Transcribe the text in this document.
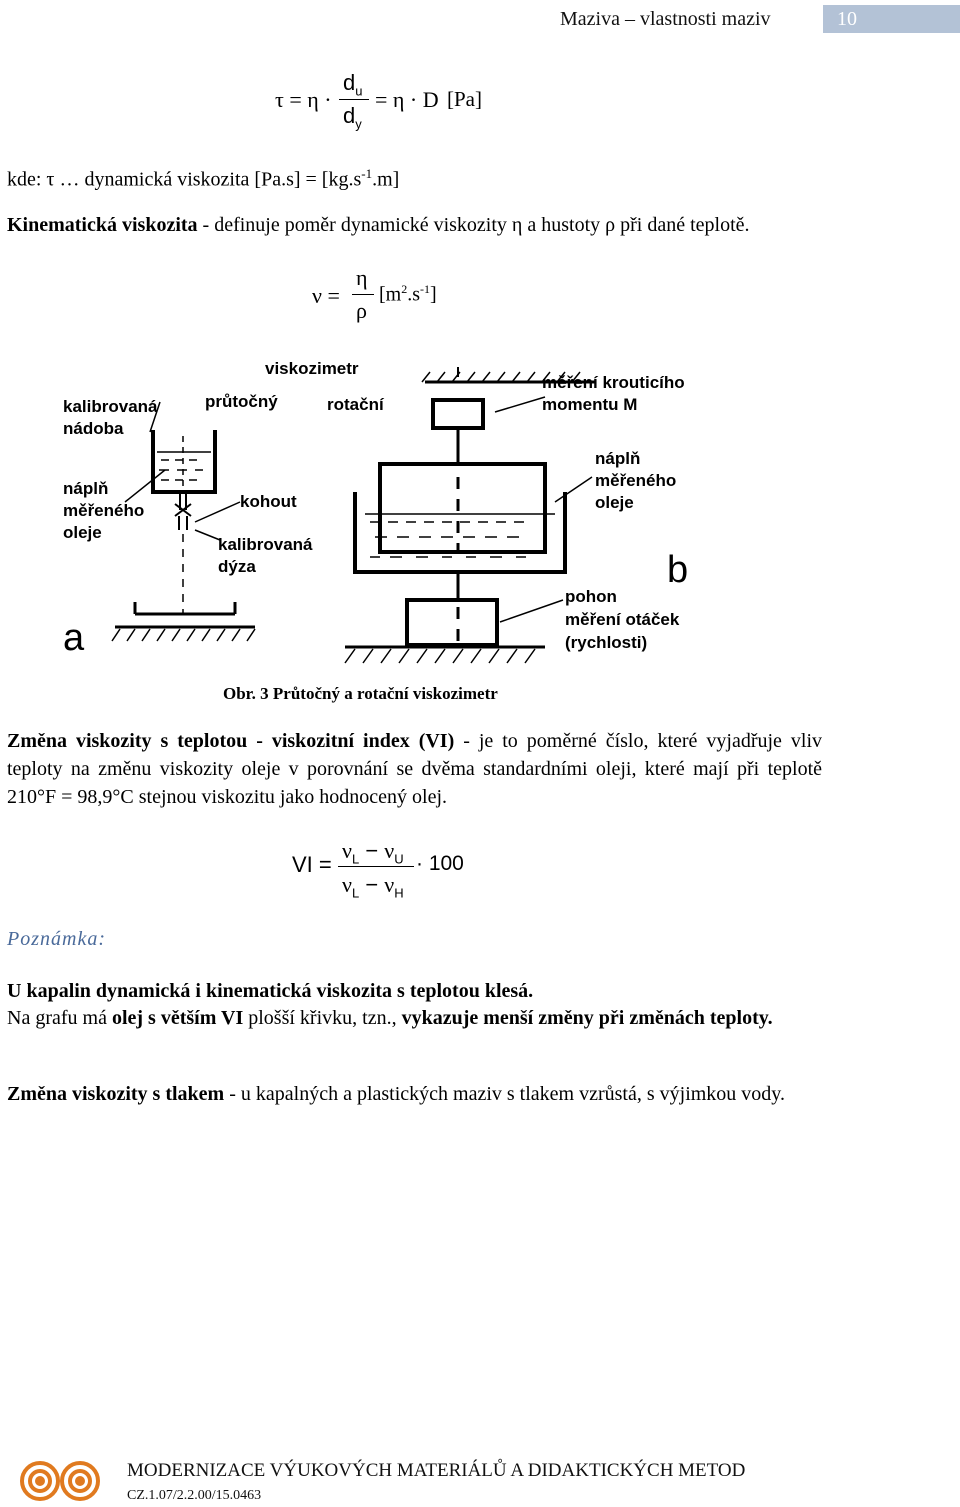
Maziva – vlastnosti maziv	10
τ = η ·
$d_u$
$d_y$
= η · D [Pa]
kde: τ … dynamická viskozita $[Pa.s] = [kg.s^{-1}.m]$
Kinematická viskozita - definuje poměr dynamické viskozity η a hustoty ρ při dané teplotě.
ν =
η
ρ
$[m^2.s^{-1}]$
viskozimetr
průtočný	rotační
kalibrovaná
nádoba
náplň
měřeného
oleje
kohout
kalibrovaná
dýza
měření krouticího
momentu M
náplň
měřeného
oleje
pohon
měření otáček
(rychlosti)
a
b
Obr. 3 Průtočný a rotační viskozimetr
Změna viskozity s teplotou - viskozitní index (VI) - je to poměrné číslo, které vyjadřuje vliv teploty na změnu viskozity oleje v porovnání se dvěma standardními oleji, které mají při teplotě 210°F = 98,9°C stejnou viskozitu jako hodnocený olej.
VI =
$\nu_L - \nu_U$
$\nu_L - \nu_H$
· 100
Poznámka:
U kapalin dynamická i kinematická viskozita s teplotou klesá.
Na grafu má olej s větším VI plošší křivku, tzn., vykazuje menší změny při změnách teploty.
Změna viskozity s tlakem - u kapalných a plastických maziv s tlakem vzrůstá, s výjimkou vody.
MODERNIZACE VÝUKOVÝCH MATERIÁLŮ A DIDAKTICKÝCH METOD
CZ.1.07/2.2.00/15.0463
